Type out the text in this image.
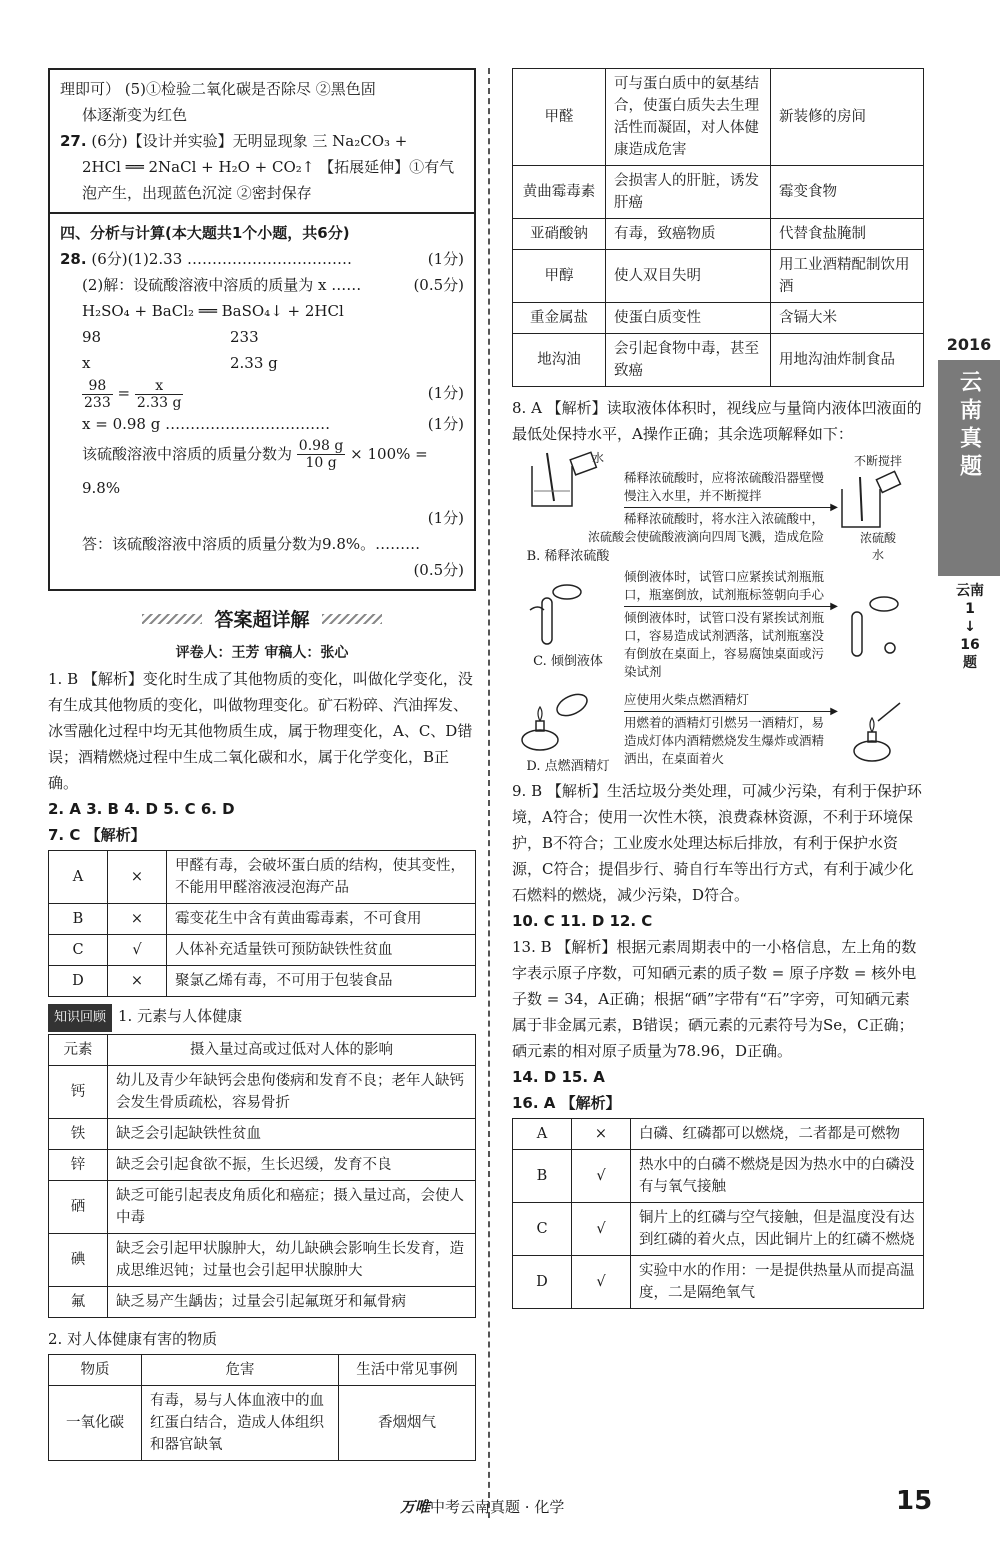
理即可） (5)①检验二氧化碳是否除尽 ②黑色固
体逐渐变为红色
27. (6分)【设计并实验】无明显现象 三 Na₂CO₃ +
2HCl ══ 2NaCl + H₂O + CO₂↑ 【拓展延伸】①有气
泡产生，出现蓝色沉淀 ②密封保存
四、分析与计算(本大题共1个小题，共6分)
28. (6分)(1)2.33 ……………………………	(1分)
(2)解：设硫酸溶液中溶质的质量为 x ……	(0.5分)
H₂SO₄ + BaCl₂ ══ BaSO₄↓ + 2HCl
98	233
x	2.33 g
$\frac{98}{233} = \frac{x}{2.33 g}$	(1分)
x = 0.98 g ……………………………	(1分)
该硫酸溶液中溶质的质量分数为 $\frac{0.98 g}{10 g} \times 100\% = 9.8\%$
(1分)
答：该硫酸溶液中溶质的质量分数为9.8%。………
(0.5分)
答案超详解
评卷人：王芳 审稿人：张心
1. B 【解析】变化时生成了其他物质的变化，叫做化学变化，没有生成其他物质的变化，叫做物理变化。矿石粉碎、汽油挥发、冰雪融化过程中均无其他物质生成，属于物理变化，A、C、D错误；酒精燃烧过程中生成二氧化碳和水，属于化学变化，B正确。
2. A 3. B 4. D 5. C 6. D
7. C 【解析】
A	×	甲醛有毒，会破坏蛋白质的结构，使其变性，不能用甲醛溶液浸泡海产品
B	×	霉变花生中含有黄曲霉毒素，不可食用
C	√	人体补充适量铁可预防缺铁性贫血
D	×	聚氯乙烯有毒，不可用于包装食品
知识回顾 1. 元素与人体健康
元素	摄入量过高或过低对人体的影响
钙	幼儿及青少年缺钙会患佝偻病和发育不良；老年人缺钙会发生骨质疏松，容易骨折
铁	缺乏会引起缺铁性贫血
锌	缺乏会引起食欲不振，生长迟缓，发育不良
硒	缺乏可能引起表皮角质化和癌症；摄入量过高，会使人中毒
碘	缺乏会引起甲状腺肿大，幼儿缺碘会影响生长发育，造成思维迟钝；过量也会引起甲状腺肿大
氟	缺乏易产生龋齿；过量会引起氟斑牙和氟骨病
2. 对人体健康有害的物质
物质	危害	生活中常见事例
一氧化碳	有毒，易与人体血液中的血红蛋白结合，造成人体组织和器官缺氧	香烟烟气
甲醛	可与蛋白质中的氨基结合，使蛋白质失去生理活性而凝固，对人体健康造成危害	新装修的房间
黄曲霉毒素	会损害人的肝脏，诱发肝癌	霉变食物
亚硝酸钠	有毒，致癌物质	代替食盐腌制
甲醇	使人双目失明	用工业酒精配制饮用酒
重金属盐	使蛋白质变性	含镉大米
地沟油	会引起食物中毒，甚至致癌	用地沟油炸制食品
8. A 【解析】读取液体体积时，视线应与量筒内液体凹液面的最低处保持水平，A操作正确；其余选项解释如下：
水
浓硫酸
B. 稀释浓硫酸
稀释浓硫酸时，应将浓硫酸沿器壁慢慢注入水里，并不断搅拌
▶
稀释浓硫酸时，将水注入浓硫酸中，会使硫酸液滴向四周飞溅，造成危险
不断搅拌
浓硫酸
水
C. 倾倒液体
倾倒液体时，试管口应紧挨试剂瓶瓶口，瓶塞倒放，试剂瓶标签朝向手心
▶
倾倒液体时，试管口没有紧挨试剂瓶口，容易造成试剂洒落，试剂瓶塞没有倒放在桌面上，容易腐蚀桌面或污染试剂
D. 点燃酒精灯
应使用火柴点燃酒精灯
▶
用燃着的酒精灯引燃另一酒精灯，易造成灯体内酒精燃烧发生爆炸或酒精洒出，在桌面着火
9. B 【解析】生活垃圾分类处理，可减少污染，有利于保护环境，A符合；使用一次性木筷，浪费森林资源，不利于环境保护，B不符合；工业废水处理达标后排放，有利于保护水资源，C符合；提倡步行、骑自行车等出行方式，有利于减少化石燃料的燃烧，减少污染，D符合。
10. C 11. D 12. C
13. B 【解析】根据元素周期表中的一小格信息，左上角的数字表示原子序数，可知硒元素的质子数 = 原子序数 = 核外电子数 = 34，A正确；根据“硒”字带有“石”字旁，可知硒元素属于非金属元素，B错误；硒元素的元素符号为Se，C正确；硒元素的相对原子质量为78.96，D正确。
14. D 15. A
16. A 【解析】
A	×	白磷、红磷都可以燃烧，二者都是可燃物
B	√	热水中的白磷不燃烧是因为热水中的白磷没有与氧气接触
C	√	铜片上的红磷与空气接触，但是温度没有达到红磷的着火点，因此铜片上的红磷不燃烧
D	√	实验中水的作用：一是提供热量从而提高温度，二是隔绝氧气
2016
云南真题
云南
1
↓
16
题
万唯中考云南真题 · 化学	15
